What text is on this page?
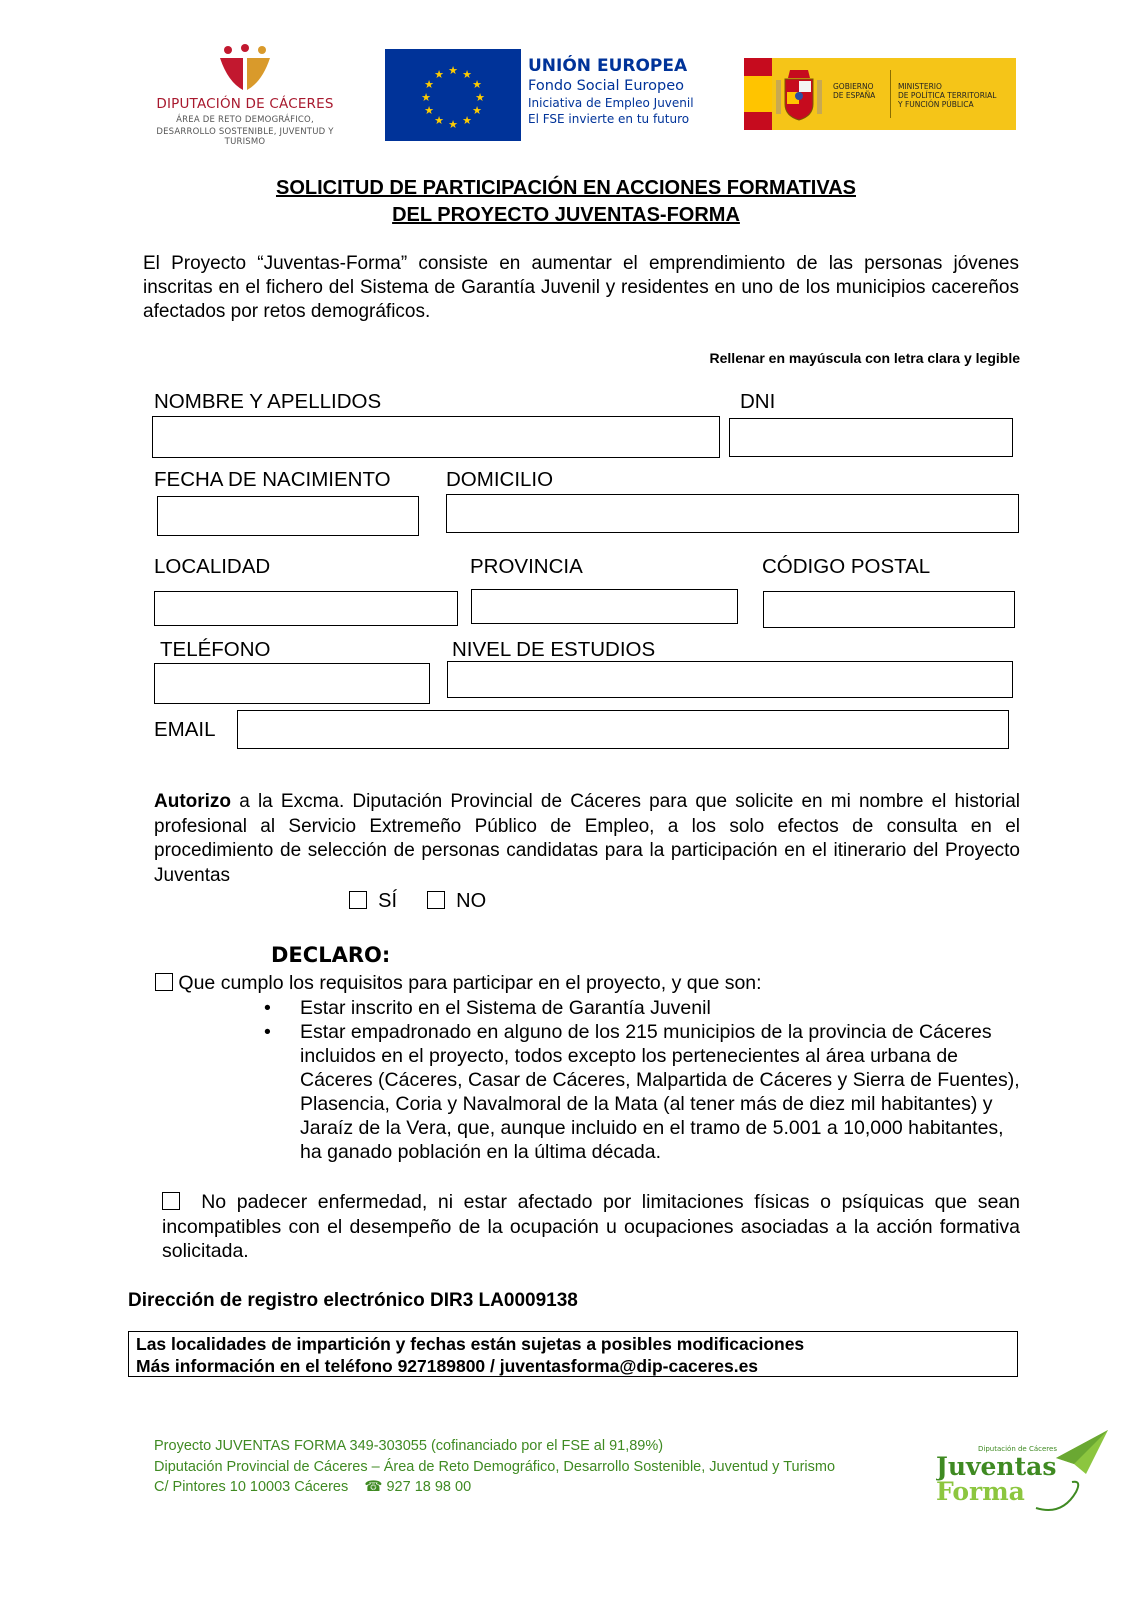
DIPUTACIÓN DE CÁCERES
ÁREA DE RETO DEMOGRÁFICO,
DESARROLLO SOSTENIBLE, JUVENTUD Y TURISMO
★ ★
★
★
★
★
★
★
★
★
★
★	UNIÓN EUROPEA
Fondo Social Europeo
Iniciativa de Empleo Juvenil
El FSE invierte en tu futuro
GOBIERNO
DE ESPAÑA
MINISTERIO
DE POLÍTICA TERRITORIAL
Y FUNCIÓN PÚBLICA
SOLICITUD DE PARTICIPACIÓN EN ACCIONES FORMATIVAS
DEL PROYECTO JUVENTAS-FORMA
El Proyecto “Juventas-Forma” consiste en aumentar el emprendimiento de las personas jóvenes inscritas en el fichero del Sistema de Garantía Juvenil y residentes en uno de los municipios cacereños afectados por retos demográficos.
Rellenar en mayúscula con letra clara y legible
NOMBRE Y APELLIDOS	DNI
FECHA DE NACIMIENTO	DOMICILIO
LOCALIDAD	PROVINCIA	CÓDIGO POSTAL
TELÉFONO	NIVEL DE ESTUDIOS
EMAIL
Autorizo a la Excma. Diputación Provincial de Cáceres para que solicite en mi nombre el historial profesional al Servicio Extremeño Público de Empleo, a los solo efectos de consulta en el procedimiento de selección de personas candidatas para la participación en el itinerario del Proyecto Juventas
SÍ	NO
DECLARO:
Que cumplo los requisitos para participar en el proyecto, y que son:
• Estar inscrito en el Sistema de Garantía Juvenil
• Estar empadronado en alguno de los 215 municipios de la provincia de Cáceres incluidos en el proyecto, todos excepto los pertenecientes al área urbana de Cáceres (Cáceres, Casar de Cáceres, Malpartida de Cáceres y Sierra de Fuentes), Plasencia, Coria y Navalmoral de la Mata (al tener más de diez mil habitantes) y Jaraíz de la Vera, que, aunque incluido en el tramo de 5.001 a 10,000 habitantes, ha ganado población en la última década.
No padecer enfermedad, ni estar afectado por limitaciones físicas o psíquicas que sean incompatibles con el desempeño de la ocupación u ocupaciones asociadas a la acción formativa solicitada.
Dirección de registro electrónico DIR3 LA0009138
Las localidades de impartición y fechas están sujetas a posibles modificaciones
Más información en el teléfono 927189800 / juventasforma@dip-caceres.es
Proyecto JUVENTAS FORMA 349-303055 (cofinanciado por el FSE al 91,89%)
Diputación Provincial de Cáceres – Área de Reto Demográfico, Desarrollo Sostenible, Juventud y Turismo
C/ Pintores 10 10003 Cáceres ☎ 927 18 98 00
Diputación de Cáceres
Juventas
Forma
